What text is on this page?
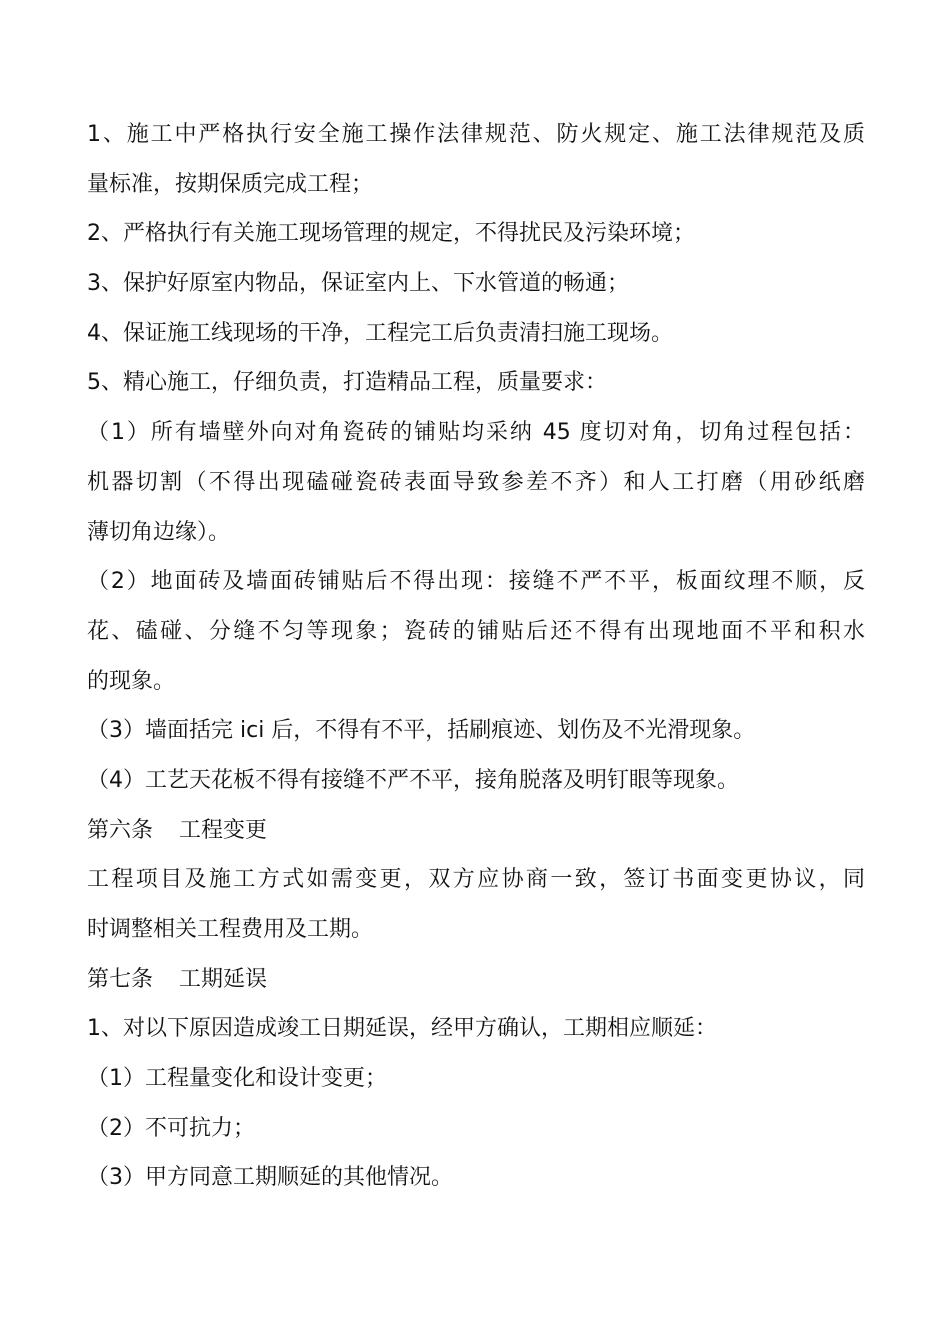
1、施工中严格执行安全施工操作法律规范、防火规定、施工法律规范及质
量标准，按期保质完成工程；
2、严格执行有关施工现场管理的规定，不得扰民及污染环境；
3、保护好原室内物品，保证室内上、下水管道的畅通；
4、保证施工线现场的干净，工程完工后负责清扫施工现场。
5、精心施工，仔细负责，打造精品工程，质量要求：
（1）所有墙壁外向对角瓷砖的铺贴均采纳 45 度切对角，切角过程包括：
机器切割（不得出现磕碰瓷砖表面导致参差不齐）和人工打磨（用砂纸磨
薄切角边缘）。
（2）地面砖及墙面砖铺贴后不得出现：接缝不严不平，板面纹理不顺，反
花、磕碰、分缝不匀等现象；瓷砖的铺贴后还不得有出现地面不平和积水
的现象。
（3）墙面括完 ici 后，不得有不平，括刷痕迹、划伤及不光滑现象。
（4）工艺天花板不得有接缝不严不平，接角脱落及明钉眼等现象。
第六条 工程变更
工程项目及施工方式如需变更，双方应协商一致，签订书面变更协议，同
时调整相关工程费用及工期。
第七条 工期延误
1、对以下原因造成竣工日期延误，经甲方确认，工期相应顺延：
（1）工程量变化和设计变更；
（2）不可抗力；
（3）甲方同意工期顺延的其他情况。
